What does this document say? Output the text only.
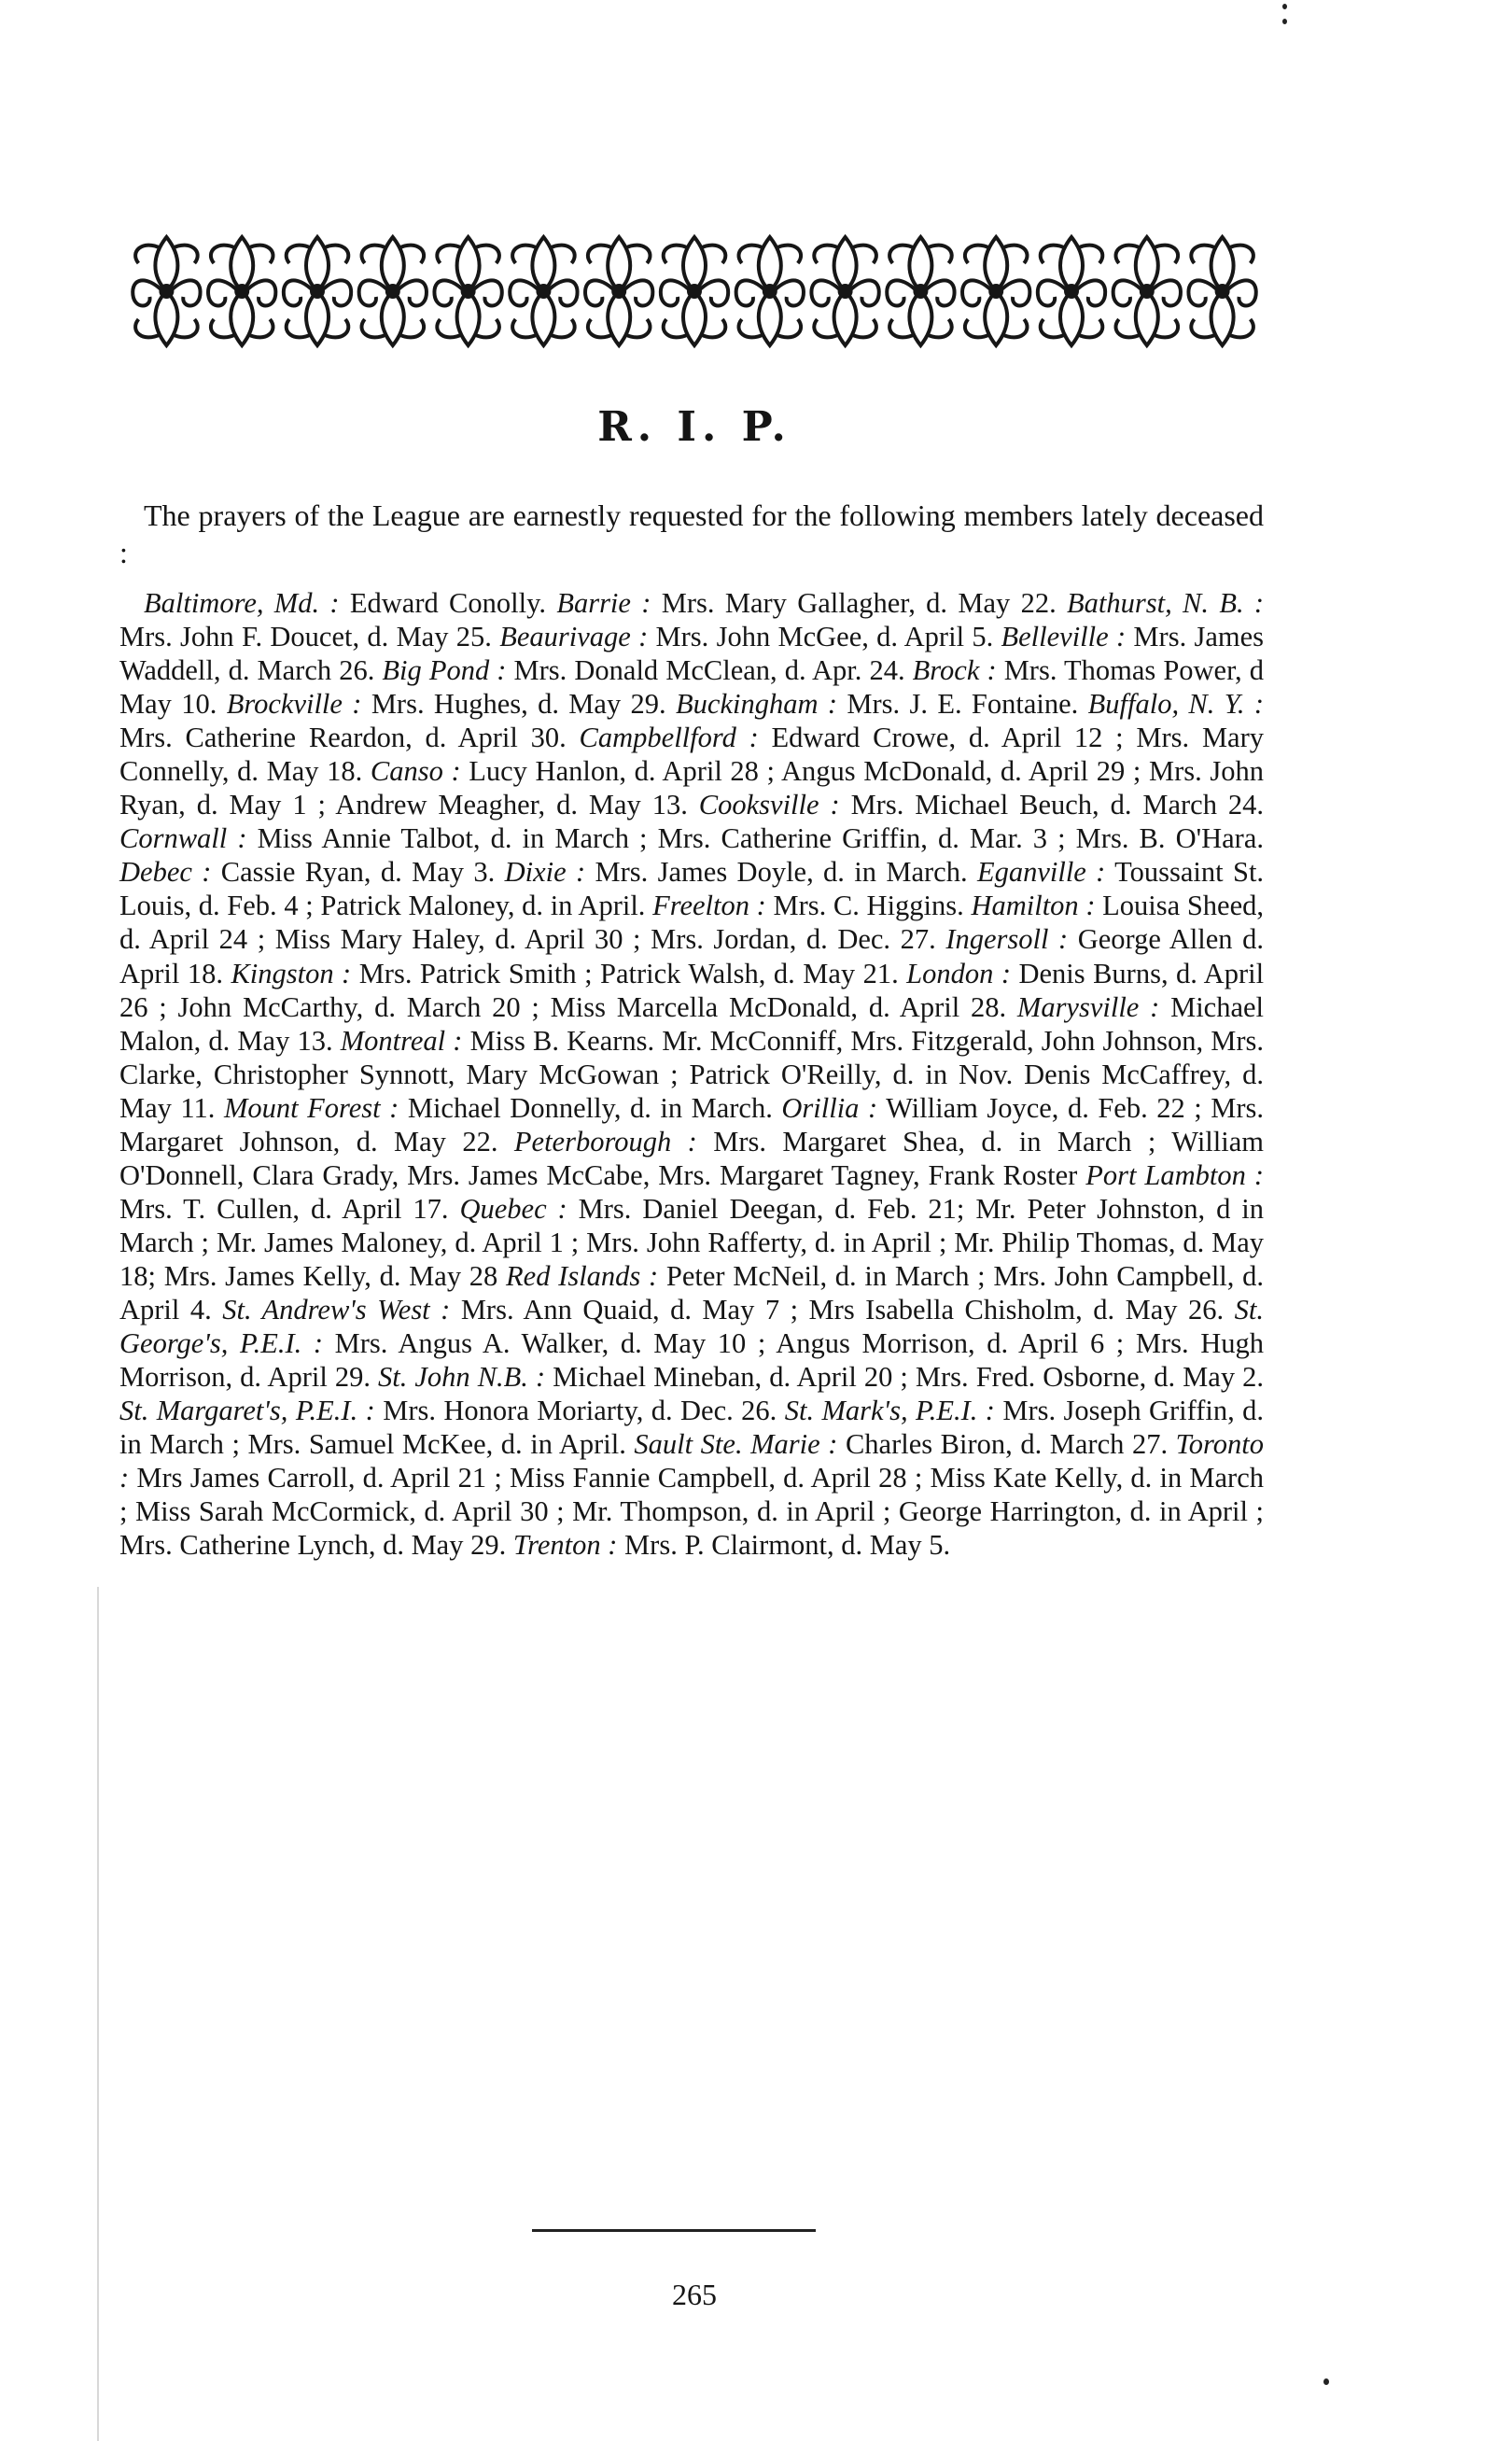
R. I. P.

The prayers of the League are earnestly requested for the following members lately deceased :

Baltimore, Md. : Edward Conolly. Barrie : Mrs. Mary Gallagher, d. May 22. Bathurst, N. B. : Mrs. John F. Doucet, d. May 25. Beaurivage : Mrs. John McGee, d. April 5. Belleville : Mrs. James Waddell, d. March 26. Big Pond : Mrs. Donald McClean, d. Apr. 24. Brock : Mrs. Thomas Power, d May 10. Brockville : Mrs. Hughes, d. May 29. Buckingham : Mrs. J. E. Fontaine. Buffalo, N. Y. : Mrs. Catherine Reardon, d. April 30. Campbellford : Edward Crowe, d. April 12 ; Mrs. Mary Connelly, d. May 18. Canso : Lucy Hanlon, d. April 28 ; Angus McDonald, d. April 29 ; Mrs. John Ryan, d. May 1 ; Andrew Meagher, d. May 13. Cooksville : Mrs. Michael Beuch, d. March 24. Cornwall : Miss Annie Talbot, d. in March ; Mrs. Catherine Griffin, d. Mar. 3 ; Mrs. B. O'Hara. Debec : Cassie Ryan, d. May 3. Dixie : Mrs. James Doyle, d. in March. Eganville : Toussaint St. Louis, d. Feb. 4 ; Patrick Maloney, d. in April. Freelton : Mrs. C. Higgins. Hamilton : Louisa Sheed, d. April 24 ; Miss Mary Haley, d. April 30 ; Mrs. Jordan, d. Dec. 27. Ingersoll : George Allen d. April 18. Kingston : Mrs. Patrick Smith ; Patrick Walsh, d. May 21. London : Denis Burns, d. April 26 ; John McCarthy, d. March 20 ; Miss Marcella McDonald, d. April 28. Marysville : Michael Malon, d. May 13. Montreal : Miss B. Kearns. Mr. McConniff, Mrs. Fitzgerald, John Johnson, Mrs. Clarke, Christopher Synnott, Mary McGowan ; Patrick O'Reilly, d. in Nov. Denis McCaffrey, d. May 11. Mount Forest : Michael Donnelly, d. in March. Orillia : William Joyce, d. Feb. 22 ; Mrs. Margaret Johnson, d. May 22. Peterborough : Mrs. Margaret Shea, d. in March ; William O'Donnell, Clara Grady, Mrs. James McCabe, Mrs. Margaret Tagney, Frank Roster Port Lambton : Mrs. T. Cullen, d. April 17. Quebec : Mrs. Daniel Deegan, d. Feb. 21; Mr. Peter Johnston, d in March ; Mr. James Maloney, d. April 1 ; Mrs. John Rafferty, d. in April ; Mr. Philip Thomas, d. May 18; Mrs. James Kelly, d. May 28 Red Islands : Peter McNeil, d. in March ; Mrs. John Campbell, d. April 4. St. Andrew's West : Mrs. Ann Quaid, d. May 7 ; Mrs Isabella Chisholm, d. May 26. St. George's, P.E.I. : Mrs. Angus A. Walker, d. May 10 ; Angus Morrison, d. April 6 ; Mrs. Hugh Morrison, d. April 29. St. John N.B. : Michael Mineban, d. April 20 ; Mrs. Fred. Osborne, d. May 2. St. Margaret's, P.E.I. : Mrs. Honora Moriarty, d. Dec. 26. St. Mark's, P.E.I. : Mrs. Joseph Griffin, d. in March ; Mrs. Samuel McKee, d. in April. Sault Ste. Marie : Charles Biron, d. March 27. Toronto : Mrs James Carroll, d. April 21 ; Miss Fannie Campbell, d. April 28 ; Miss Kate Kelly, d. in March ; Miss Sarah McCormick, d. April 30 ; Mr. Thompson, d. in April ; George Harrington, d. in April ; Mrs. Catherine Lynch, d. May 29. Trenton : Mrs. P. Clairmont, d. May 5.

265
